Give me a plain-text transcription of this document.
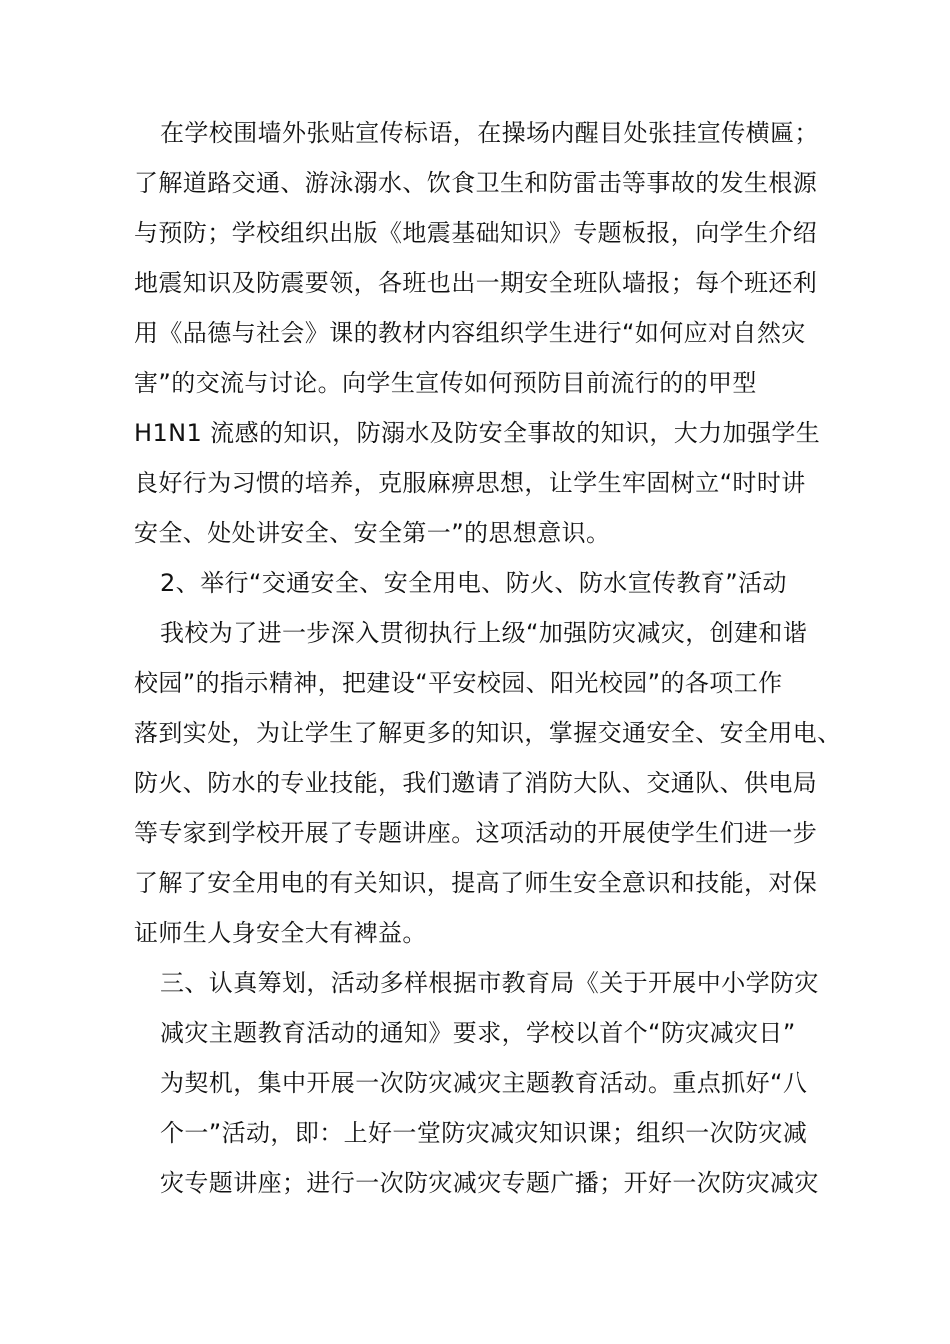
在学校围墙外张贴宣传标语，在操场内醒目处张挂宣传横匾；
了解道路交通、游泳溺水、饮食卫生和防雷击等事故的发生根源
与预防；学校组织出版《地震基础知识》专题板报，向学生介绍
地震知识及防震要领，各班也出一期安全班队墙报；每个班还利
用《品德与社会》课的教材内容组织学生进行“如何应对自然灾
害”的交流与讨论。向学生宣传如何预防目前流行的的甲型
H1N1 流感的知识，防溺水及防安全事故的知识，大力加强学生
良好行为习惯的培养，克服麻痹思想，让学生牢固树立“时时讲
安全、处处讲安全、安全第一”的思想意识。
2、举行“交通安全、安全用电、防火、防水宣传教育”活动
我校为了进一步深入贯彻执行上级“加强防灾减灾，创建和谐
校园”的指示精神，把建设“平安校园、阳光校园”的各项工作
落到实处，为让学生了解更多的知识，掌握交通安全、安全用电、
防火、防水的专业技能，我们邀请了消防大队、交通队、供电局
等专家到学校开展了专题讲座。这项活动的开展使学生们进一步
了解了安全用电的有关知识，提高了师生安全意识和技能，对保
证师生人身安全大有裨益。
三、认真筹划，活动多样根据市教育局《关于开展中小学防灾
减灾主题教育活动的通知》要求，学校以首个“防灾减灾日”
为契机，集中开展一次防灾减灾主题教育活动。重点抓好“八
个一”活动，即：上好一堂防灾减灾知识课；组织一次防灾减
灾专题讲座；进行一次防灾减灾专题广播；开好一次防灾减灾
